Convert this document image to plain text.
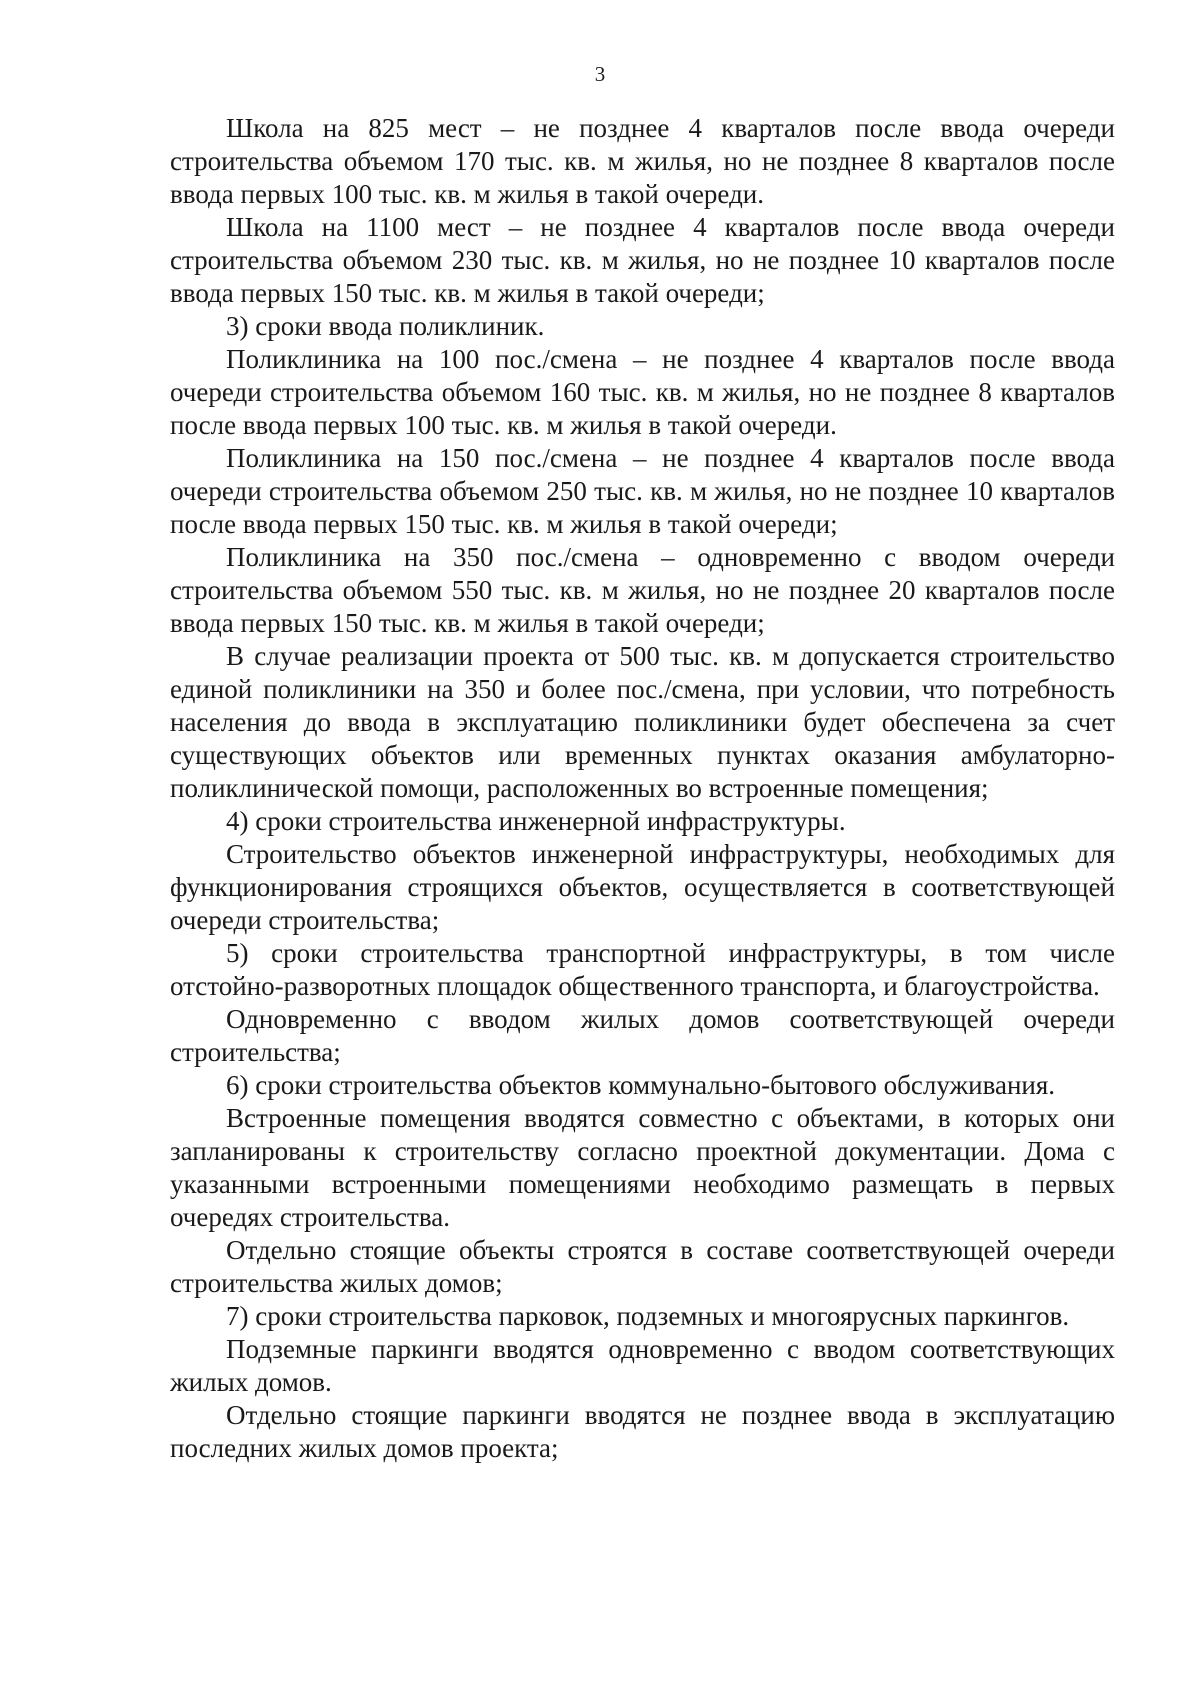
3

Школа на 825 мест – не позднее 4 кварталов после ввода очереди строительства объемом 170 тыс. кв. м жилья, но не позднее 8 кварталов после ввода первых 100 тыс. кв. м жилья в такой очереди.

Школа на 1100 мест – не позднее 4 кварталов после ввода очереди строительства объемом 230 тыс. кв. м жилья, но не позднее 10 кварталов после ввода первых 150 тыс. кв. м жилья в такой очереди;

3) сроки ввода поликлиник.

Поликлиника на 100 пос./смена – не позднее 4 кварталов после ввода очереди строительства объемом 160 тыс. кв. м жилья, но не позднее 8 кварталов после ввода первых 100 тыс. кв. м жилья в такой очереди.

Поликлиника на 150 пос./смена – не позднее 4 кварталов после ввода очереди строительства объемом 250 тыс. кв. м жилья, но не позднее 10 кварталов после ввода первых 150 тыс. кв. м жилья в такой очереди;

Поликлиника на 350 пос./смена – одновременно с вводом очереди строительства объемом 550 тыс. кв. м жилья, но не позднее 20 кварталов после ввода первых 150 тыс. кв. м жилья в такой очереди;

В случае реализации проекта от 500 тыс. кв. м допускается строительство единой поликлиники на 350 и более пос./смена, при условии, что потребность населения до ввода в эксплуатацию поликлиники будет обеспечена за счет существующих объектов или временных пунктах оказания амбулаторно-поликлинической помощи, расположенных во встроенные помещения;

4) сроки строительства инженерной инфраструктуры.

Строительство объектов инженерной инфраструктуры, необходимых для функционирования строящихся объектов, осуществляется в соответствующей очереди строительства;

5) сроки строительства транспортной инфраструктуры, в том числе отстойно-разворотных площадок общественного транспорта, и благоустройства.

Одновременно с вводом жилых домов соответствующей очереди строительства;

6) сроки строительства объектов коммунально-бытового обслуживания.

Встроенные помещения вводятся совместно с объектами, в которых они запланированы к строительству согласно проектной документации. Дома с указанными встроенными помещениями необходимо размещать в первых очередях строительства.

Отдельно стоящие объекты строятся в составе соответствующей очереди строительства жилых домов;

7) сроки строительства парковок, подземных и многоярусных паркингов.

Подземные паркинги вводятся одновременно с вводом соответствующих жилых домов.

Отдельно стоящие паркинги вводятся не позднее ввода в эксплуатацию последних жилых домов проекта;
